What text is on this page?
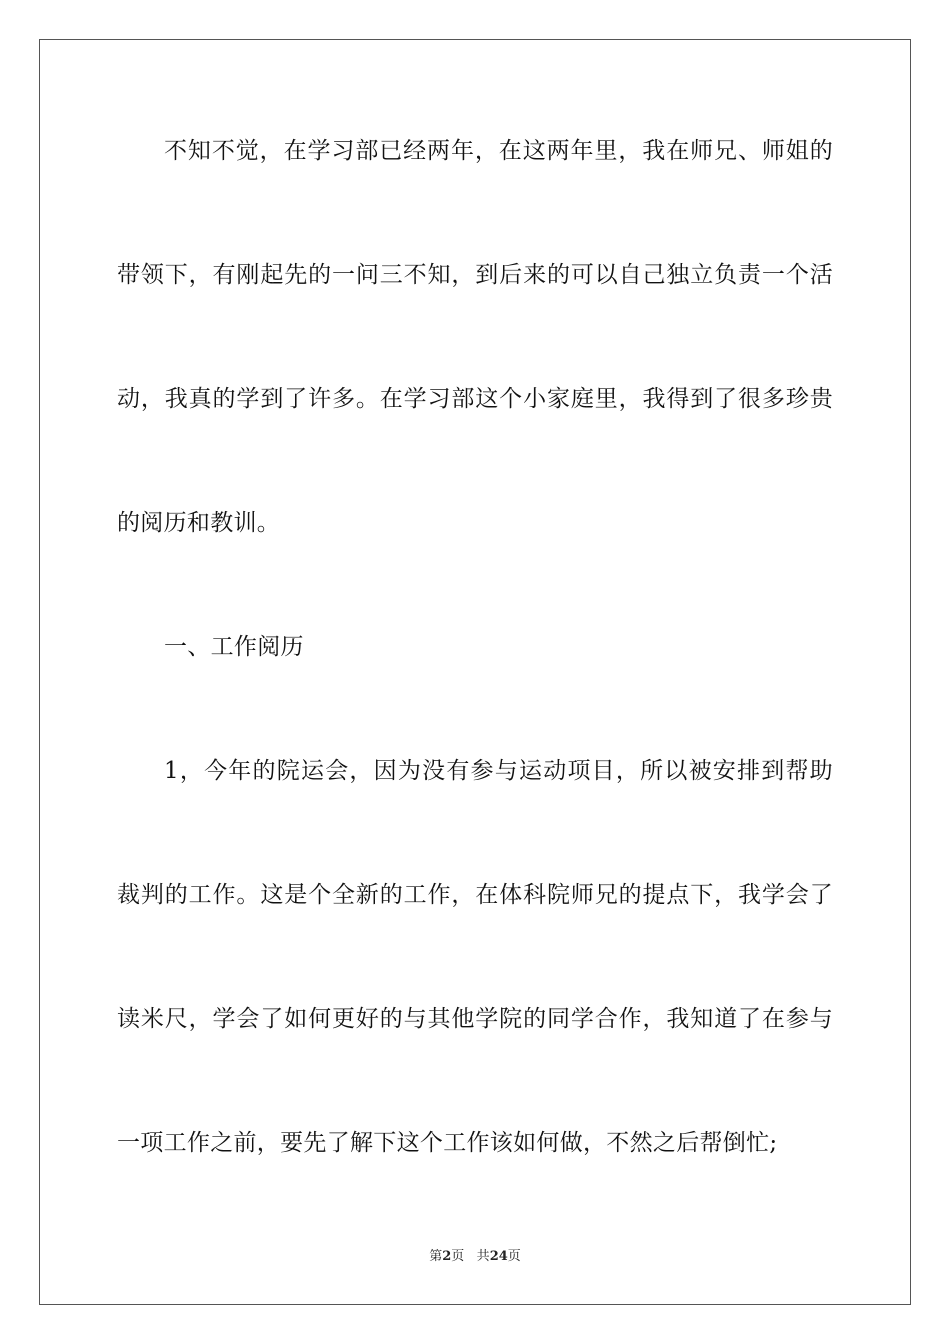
不知不觉，在学习部已经两年，在这两年里，我在师兄、师姐的
带领下，有刚起先的一问三不知，到后来的可以自己独立负责一个活
动，我真的学到了许多。在学习部这个小家庭里，我得到了很多珍贵
的阅历和教训。
一、工作阅历
1，今年的院运会，因为没有参与运动项目，所以被安排到帮助
裁判的工作。这是个全新的工作，在体科院师兄的提点下，我学会了
读米尺，学会了如何更好的与其他学院的同学合作，我知道了在参与
一项工作之前，要先了解下这个工作该如何做，不然之后帮倒忙;
第2页 共24页
